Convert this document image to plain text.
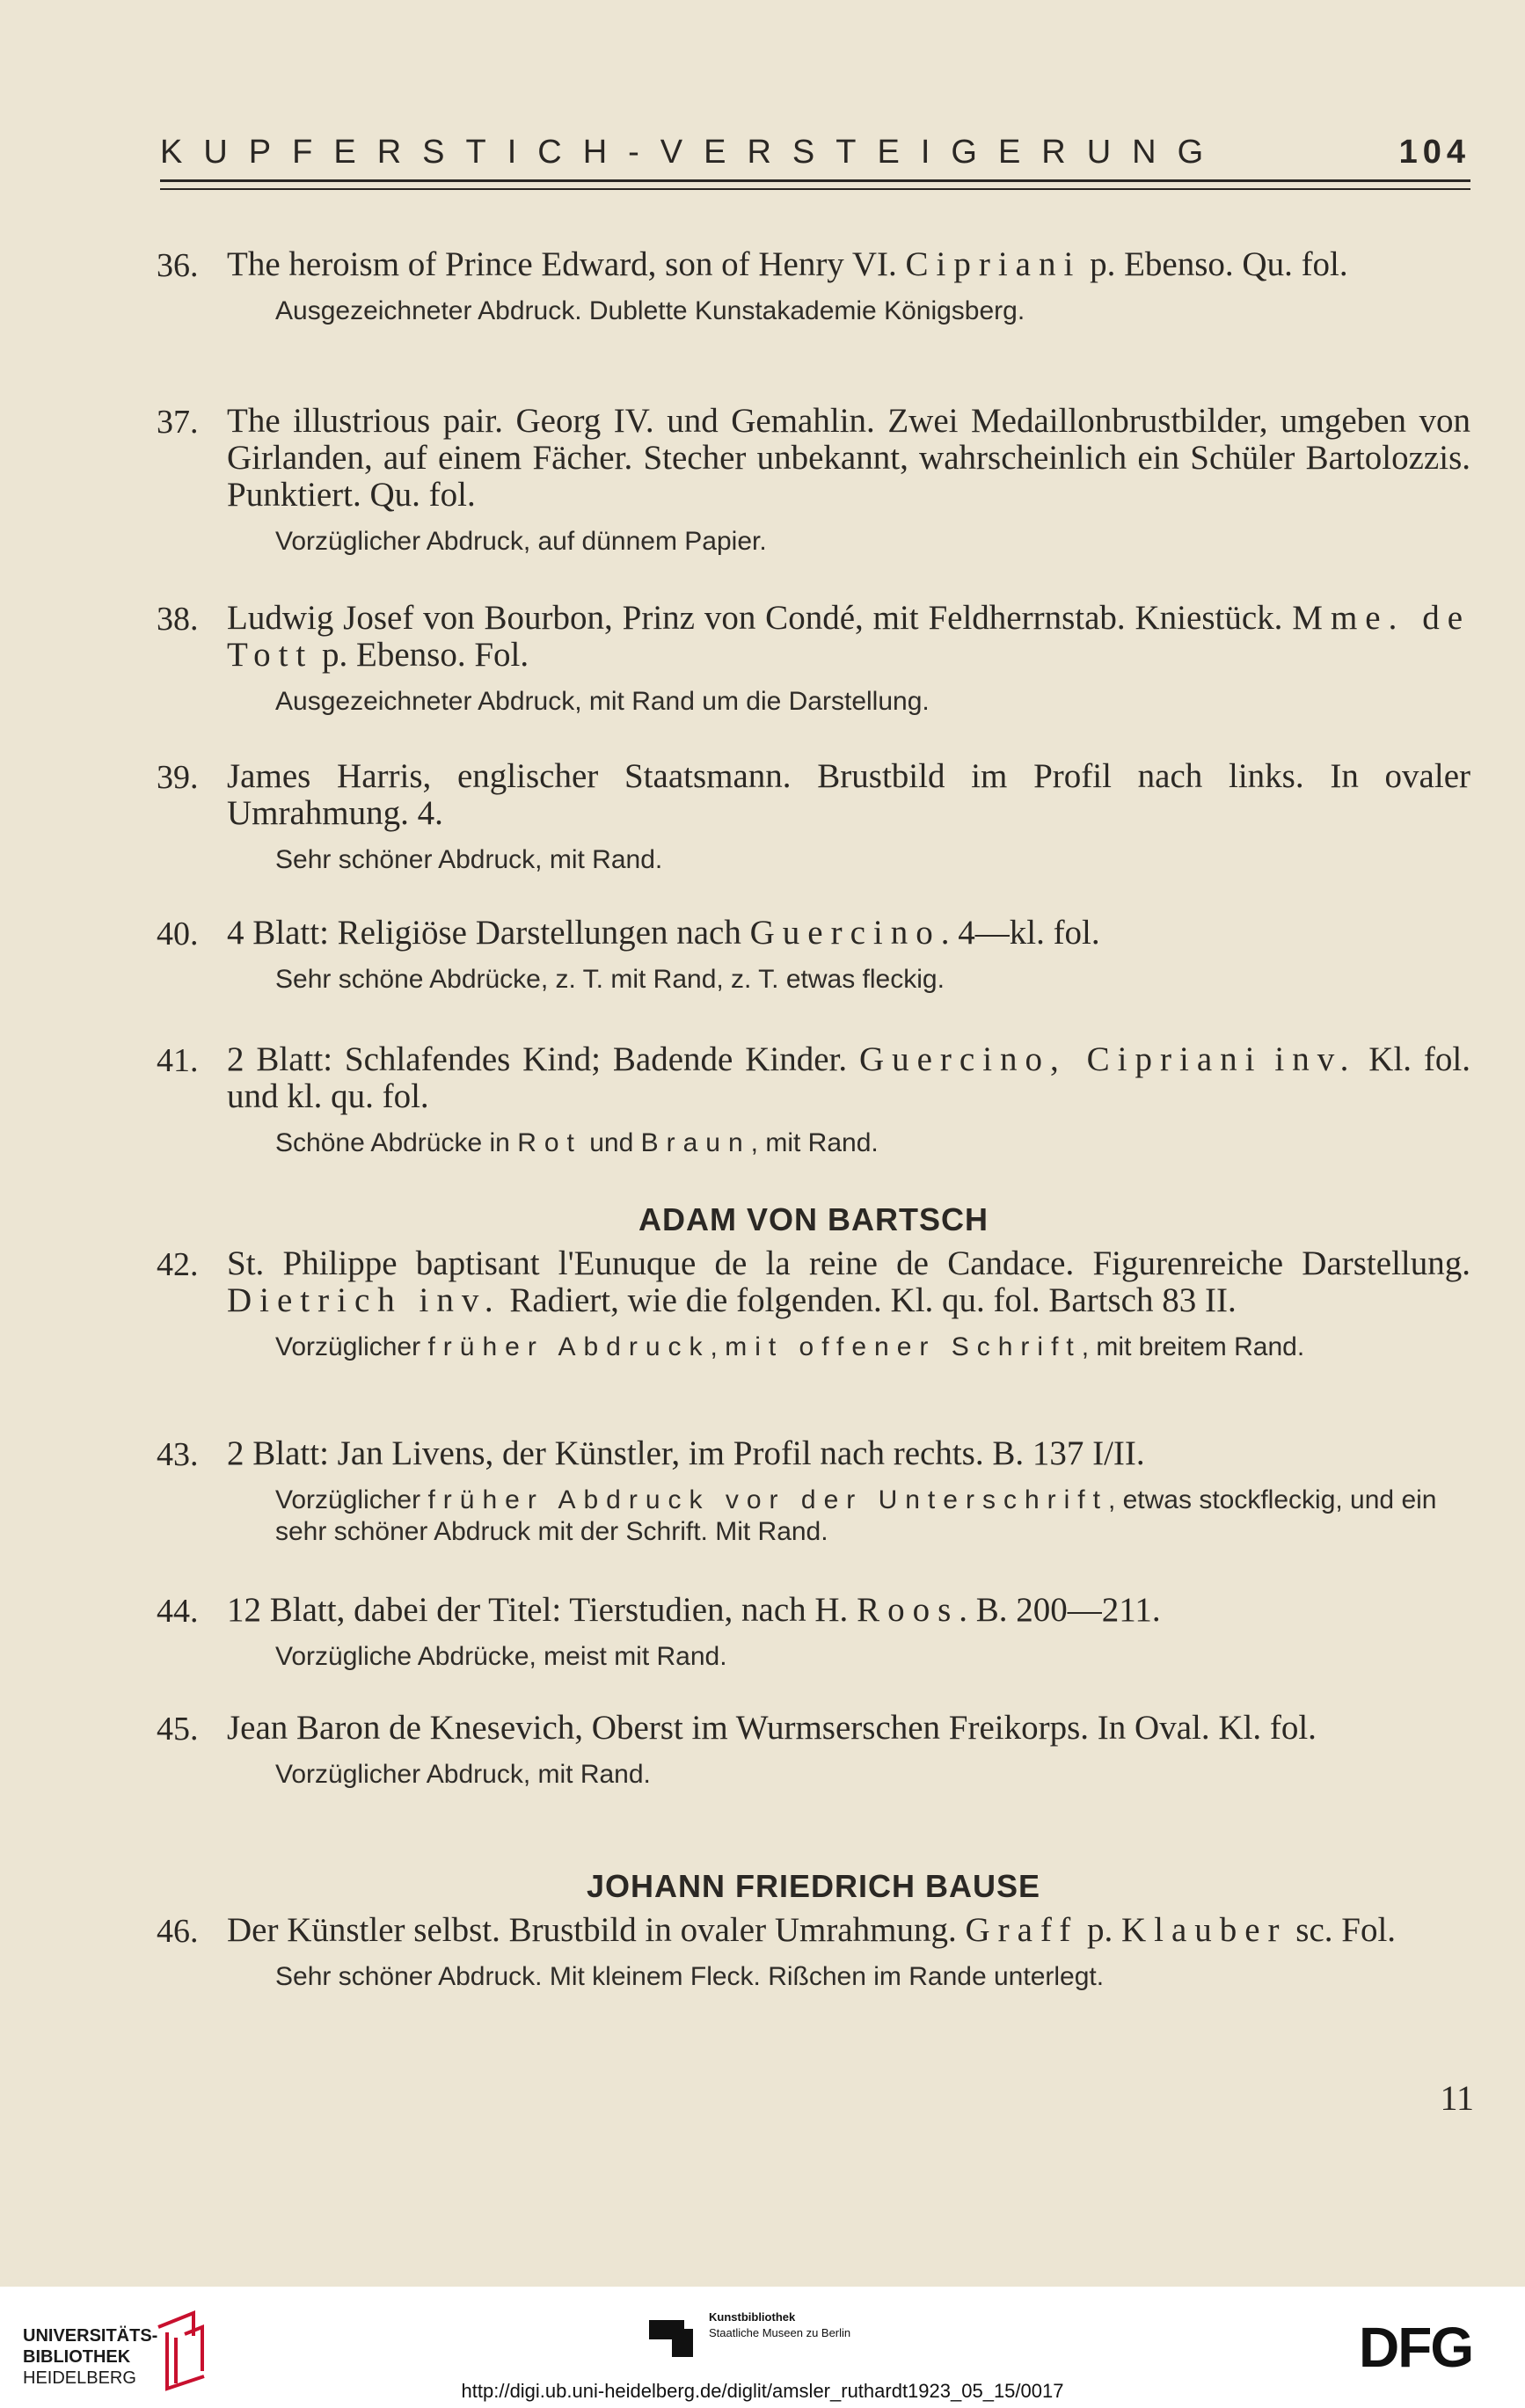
KUPFERSTICH-VERSTEIGERUNG	104
36. The heroism of Prince Edward, son of Henry VI. Cipriani p. Ebenso. Qu. fol.
Ausgezeichneter Abdruck. Dublette Kunstakademie Königsberg.
37. The illustrious pair. Georg IV. und Gemahlin. Zwei Medaillonbrustbilder, umgeben von Girlanden, auf einem Fächer. Stecher unbekannt, wahrscheinlich ein Schüler Bartolozzis. Punktiert. Qu. fol.
Vorzüglicher Abdruck, auf dünnem Papier.
38. Ludwig Josef von Bourbon, Prinz von Condé, mit Feldherrnstab. Kniestück. Mme. de Tott p. Ebenso. Fol.
Ausgezeichneter Abdruck, mit Rand um die Darstellung.
39. James Harris, englischer Staatsmann. Brustbild im Profil nach links. In ovaler Umrahmung. 4.
Sehr schöner Abdruck, mit Rand.
40. 4 Blatt: Religiöse Darstellungen nach Guercino. 4—kl. fol.
Sehr schöne Abdrücke, z. T. mit Rand, z. T. etwas fleckig.
41. 2 Blatt: Schlafendes Kind; Badende Kinder. Guercino, Cipriani inv. Kl. fol. und kl. qu. fol.
Schöne Abdrücke in Rot und Braun, mit Rand.
ADAM VON BARTSCH
42. St. Philippe baptisant l'Eunuque de la reine de Candace. Figurenreiche Darstellung. Dietrich inv. Radiert, wie die folgenden. Kl. qu. fol. Bartsch 83 II.
Vorzüglicher früher Abdruck, mit offener Schrift, mit breitem Rand.
43. 2 Blatt: Jan Livens, der Künstler, im Profil nach rechts. B. 137 I/II.
Vorzüglicher früher Abdruck vor der Unterschrift, etwas stockfleckig, und ein sehr schöner Abdruck mit der Schrift. Mit Rand.
44. 12 Blatt, dabei der Titel: Tierstudien, nach H. Roos. B. 200—211.
Vorzügliche Abdrücke, meist mit Rand.
45. Jean Baron de Knesevich, Oberst im Wurmserschen Freikorps. In Oval. Kl. fol.
Vorzüglicher Abdruck, mit Rand.
JOHANN FRIEDRICH BAUSE
46. Der Künstler selbst. Brustbild in ovaler Umrahmung. Graff p. Klauber sc. Fol.
Sehr schöner Abdruck. Mit kleinem Fleck. Rißchen im Rande unterlegt.
11
UNIVERSITÄTS-
BIBLIOTHEK
HEIDELBERG
Kunstbibliothek
Staatliche Museen zu Berlin	DFG
http://digi.ub.uni-heidelberg.de/diglit/amsler_ruthardt1923_05_15/0017
